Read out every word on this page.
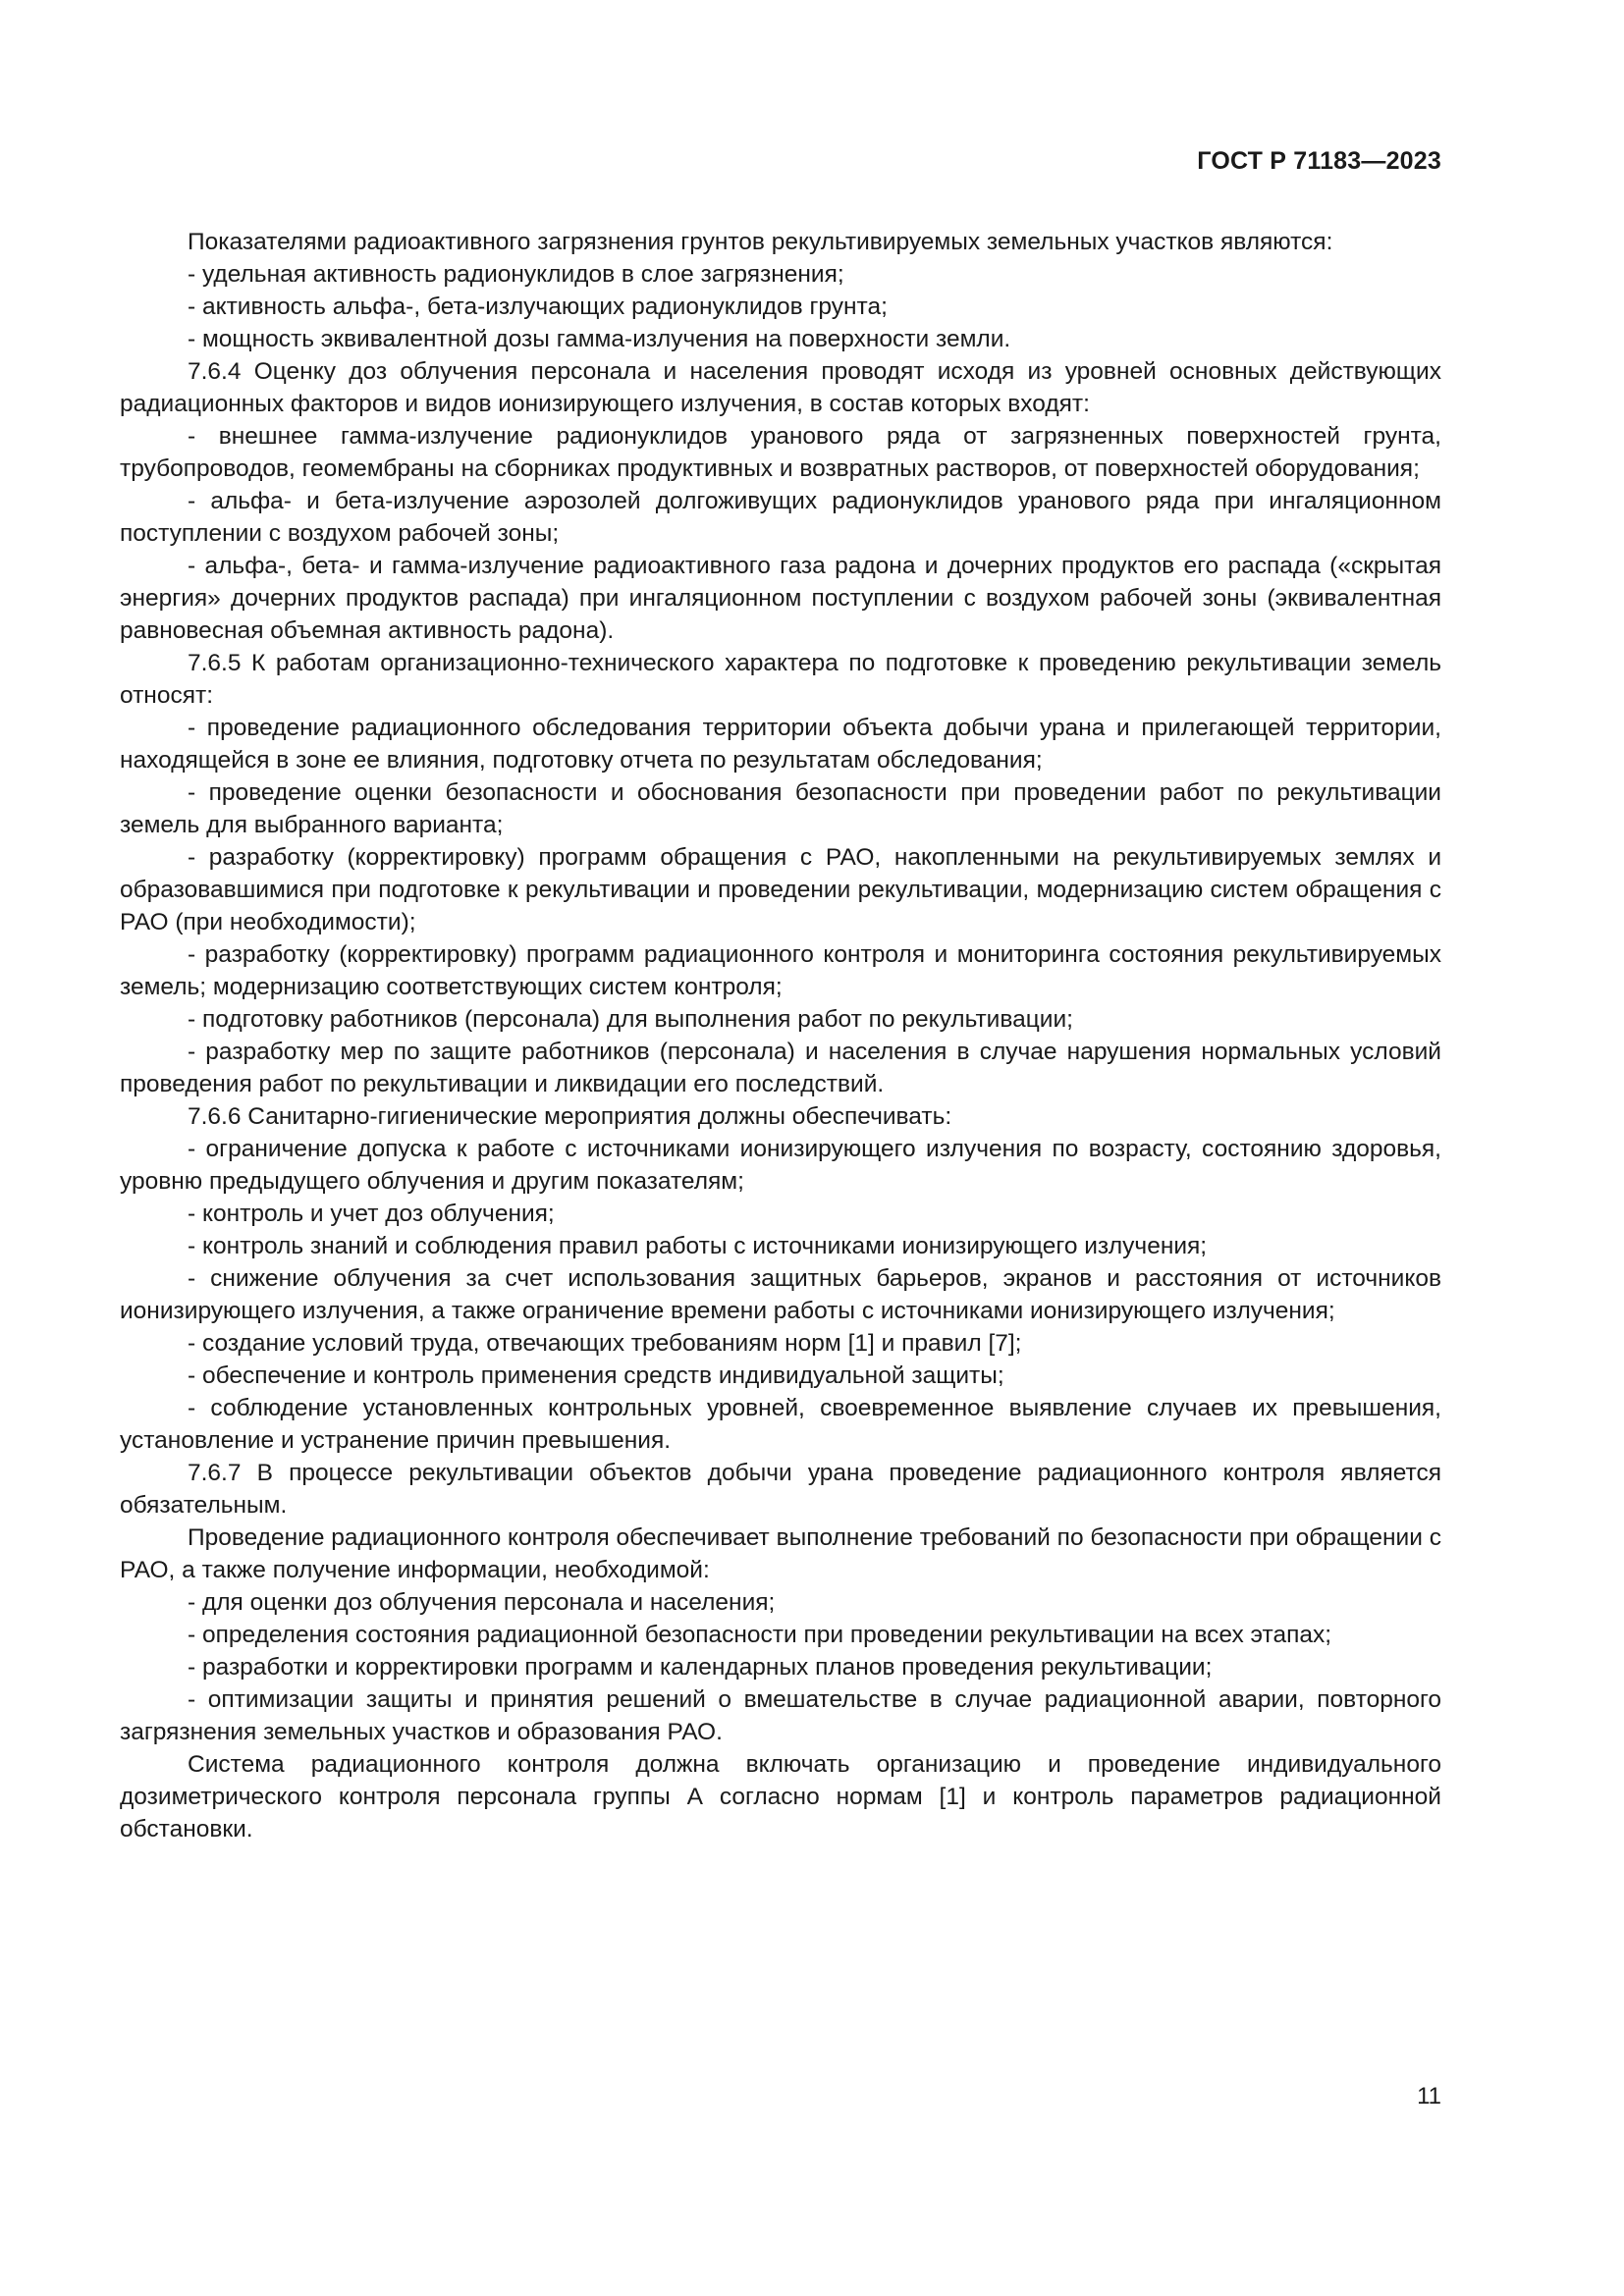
ГОСТ Р 71183—2023

Показателями радиоактивного загрязнения грунтов рекультивируемых земельных участков являются:

- удельная активность радионуклидов в слое загрязнения;

- активность альфа-, бета-излучающих радионуклидов грунта;

- мощность эквивалентной дозы гамма-излучения на поверхности земли.

7.6.4 Оценку доз облучения персонала и населения проводят исходя из уровней основных действующих радиационных факторов и видов ионизирующего излучения, в состав которых входят:

- внешнее гамма-излучение радионуклидов уранового ряда от загрязненных поверхностей грунта, трубопроводов, геомембраны на сборниках продуктивных и возвратных растворов, от поверхностей оборудования;

- альфа- и бета-излучение аэрозолей долгоживущих радионуклидов уранового ряда при ингаляционном поступлении с воздухом рабочей зоны;

- альфа-, бета- и гамма-излучение радиоактивного газа радона и дочерних продуктов его распада («скрытая энергия» дочерних продуктов распада) при ингаляционном поступлении с воздухом рабочей зоны (эквивалентная равновесная объемная активность радона).

7.6.5 К работам организационно-технического характера по подготовке к проведению рекультивации земель относят:

- проведение радиационного обследования территории объекта добычи урана и прилегающей территории, находящейся в зоне ее влияния, подготовку отчета по результатам обследования;

- проведение оценки безопасности и обоснования безопасности при проведении работ по рекультивации земель для выбранного варианта;

- разработку (корректировку) программ обращения с РАО, накопленными на рекультивируемых землях и образовавшимися при подготовке к рекультивации и проведении рекультивации, модернизацию систем обращения с РАО (при необходимости);

- разработку (корректировку) программ радиационного контроля и мониторинга состояния рекультивируемых земель; модернизацию соответствующих систем контроля;

- подготовку работников (персонала) для выполнения работ по рекультивации;

- разработку мер по защите работников (персонала) и населения в случае нарушения нормальных условий проведения работ по рекультивации и ликвидации его последствий.

7.6.6 Санитарно-гигиенические мероприятия должны обеспечивать:

- ограничение допуска к работе с источниками ионизирующего излучения по возрасту, состоянию здоровья, уровню предыдущего облучения и другим показателям;

- контроль и учет доз облучения;

- контроль знаний и соблюдения правил работы с источниками ионизирующего излучения;

- снижение облучения за счет использования защитных барьеров, экранов и расстояния от источников ионизирующего излучения, а также ограничение времени работы с источниками ионизирующего излучения;

- создание условий труда, отвечающих требованиям норм [1] и правил [7];

- обеспечение и контроль применения средств индивидуальной защиты;

- соблюдение установленных контрольных уровней, своевременное выявление случаев их превышения, установление и устранение причин превышения.

7.6.7 В процессе рекультивации объектов добычи урана проведение радиационного контроля является обязательным.

Проведение радиационного контроля обеспечивает выполнение требований по безопасности при обращении с РАО, а также получение информации, необходимой:

- для оценки доз облучения персонала и населения;

- определения состояния радиационной безопасности при проведении рекультивации на всех этапах;

- разработки и корректировки программ и календарных планов проведения рекультивации;

- оптимизации защиты и принятия решений о вмешательстве в случае радиационной аварии, повторного загрязнения земельных участков и образования РАО.

Система радиационного контроля должна включать организацию и проведение индивидуального дозиметрического контроля персонала группы А согласно нормам [1] и контроль параметров радиационной обстановки.

11
